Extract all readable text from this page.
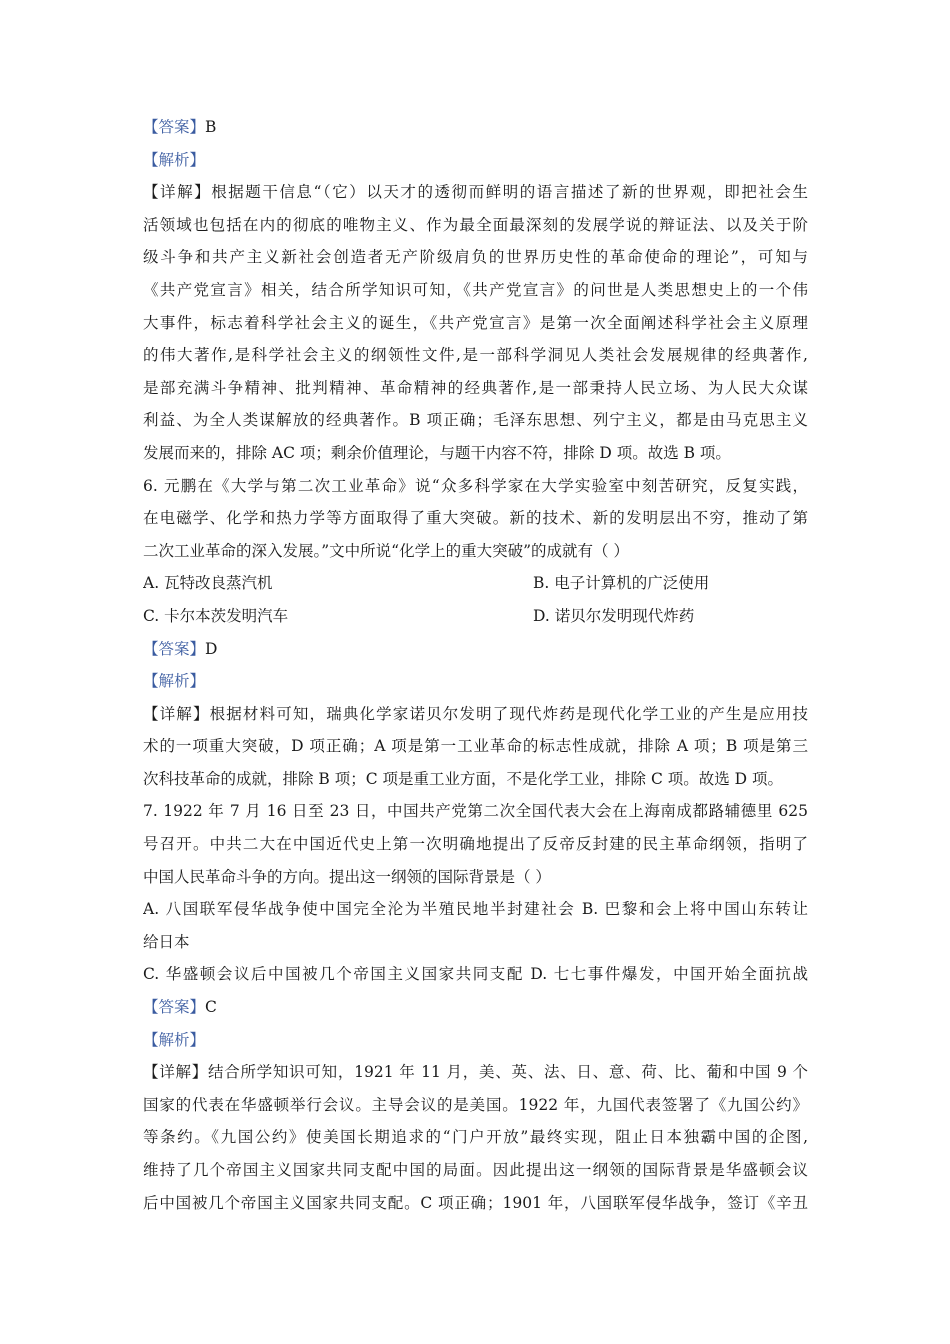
【答案】B
【解析】
【详解】根据题干信息“（它）以天才的透彻而鲜明的语言描述了新的世界观，即把社会生
活领域也包括在内的彻底的唯物主义、作为最全面最深刻的发展学说的辩证法、以及关于阶
级斗争和共产主义新社会创造者无产阶级肩负的世界历史性的革命使命的理论”，可知与
《共产党宣言》相关，结合所学知识可知，《共产党宣言》的问世是人类思想史上的一个伟
大事件，标志着科学社会主义的诞生，《共产党宣言》是第一次全面阐述科学社会主义原理
的伟大著作,是科学社会主义的纲领性文件,是一部科学洞见人类社会发展规律的经典著作,
是部充满斗争精神、批判精神、革命精神的经典著作,是一部秉持人民立场、为人民大众谋
利益、为全人类谋解放的经典著作。B 项正确；毛泽东思想、列宁主义，都是由马克思主义
发展而来的，排除 AC 项；剩余价值理论，与题干内容不符，排除 D 项。故选 B 项。
6. 元鹏在《大学与第二次工业革命》说“众多科学家在大学实验室中刻苦研究，反复实践，
在电磁学、化学和热力学等方面取得了重大突破。新的技术、新的发明层出不穷，推动了第
二次工业革命的深入发展。”文中所说“化学上的重大突破”的成就有（ ）
A. 瓦特改良蒸汽机	B. 电子计算机的广泛使用
C. 卡尔本茨发明汽车	D. 诺贝尔发明现代炸药
【答案】D
【解析】
【详解】根据材料可知，瑞典化学家诺贝尔发明了现代炸药是现代化学工业的产生是应用技
术的一项重大突破，D 项正确；A 项是第一工业革命的标志性成就，排除 A 项；B 项是第三
次科技革命的成就，排除 B 项；C 项是重工业方面，不是化学工业，排除 C 项。故选 D 项。
7. 1922 年 7 月 16 日至 23 日，中国共产党第二次全国代表大会在上海南成都路辅德里 625
号召开。中共二大在中国近代史上第一次明确地提出了反帝反封建的民主革命纲领，指明了
中国人民革命斗争的方向。提出这一纲领的国际背景是（ ）
A. 八国联军侵华战争使中国完全沦为半殖民地半封建社会 B. 巴黎和会上将中国山东转让
给日本
C. 华盛顿会议后中国被几个帝国主义国家共同支配 D. 七七事件爆发，中国开始全面抗战
【答案】C
【解析】
【详解】结合所学知识可知，1921 年 11 月，美、英、法、日、意、荷、比、葡和中国 9 个
国家的代表在华盛顿举行会议。主导会议的是美国。1922 年，九国代表签署了《九国公约》
等条约。《九国公约》使美国长期追求的“门户开放”最终实现，阻止日本独霸中国的企图,
维持了几个帝国主义国家共同支配中国的局面。因此提出这一纲领的国际背景是华盛顿会议
后中国被几个帝国主义国家共同支配。C 项正确；1901 年，八国联军侵华战争，签订《辛丑
